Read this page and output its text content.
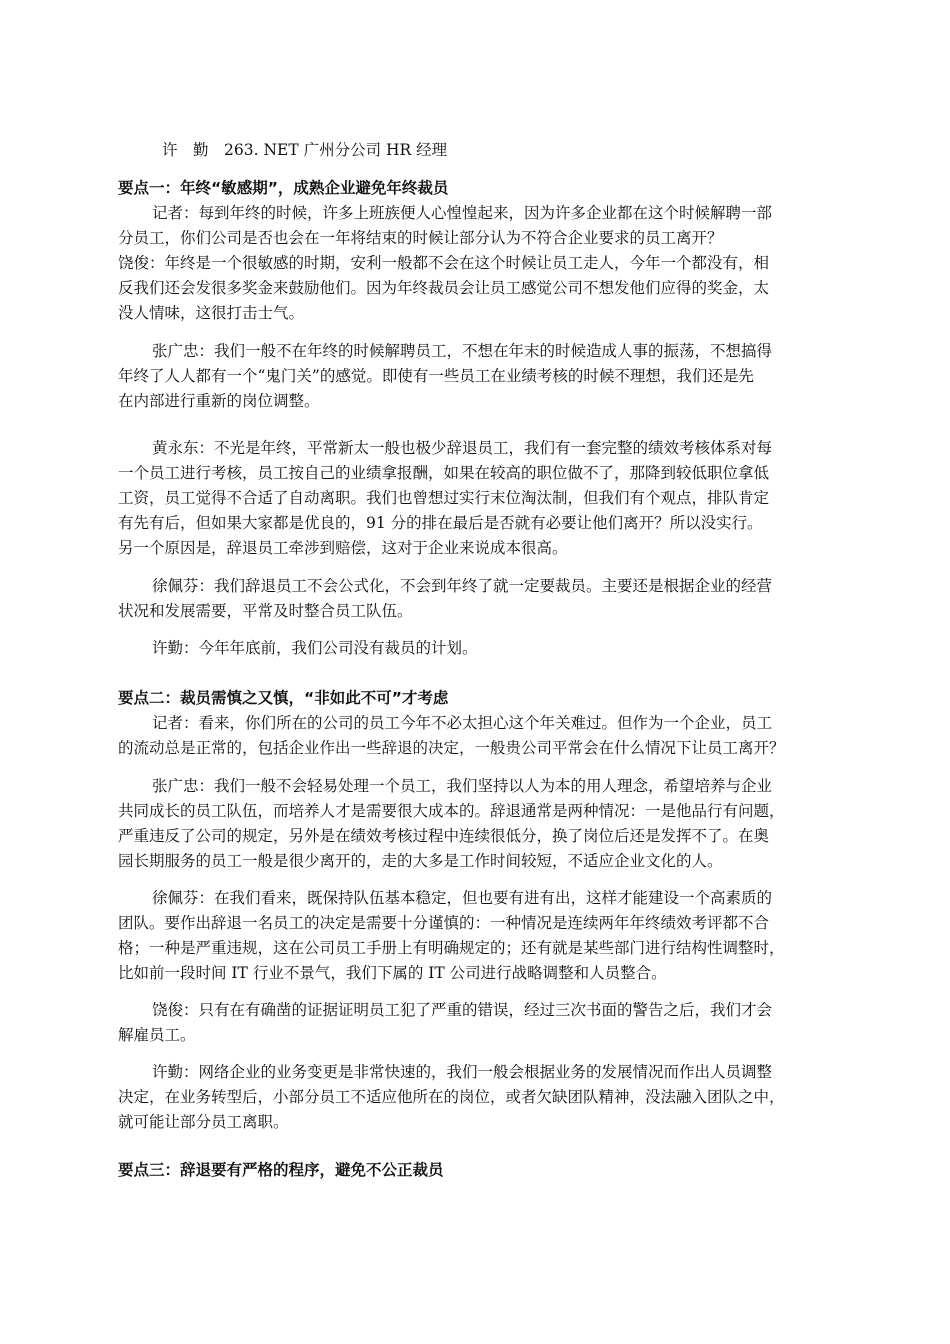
许　勤　263. NET 广州分公司 HR 经理
要点一：年终“敏感期”，成熟企业避免年终裁员
记者：每到年终的时候，许多上班族便人心惶惶起来，因为许多企业都在这个时候解聘一部
分员工，你们公司是否也会在一年将结束的时候让部分认为不符合企业要求的员工离开？
饶俊：年终是一个很敏感的时期，安利一般都不会在这个时候让员工走人，今年一个都没有，相
反我们还会发很多奖金来鼓励他们。因为年终裁员会让员工感觉公司不想发他们应得的奖金，太
没人情味，这很打击士气。
张广忠：我们一般不在年终的时候解聘员工，不想在年末的时候造成人事的振荡，不想搞得
年终了人人都有一个“鬼门关”的感觉。即使有一些员工在业绩考核的时候不理想，我们还是先
在内部进行重新的岗位调整。
黄永东：不光是年终，平常新太一般也极少辞退员工，我们有一套完整的绩效考核体系对每
一个员工进行考核，员工按自己的业绩拿报酬，如果在较高的职位做不了，那降到较低职位拿低
工资，员工觉得不合适了自动离职。我们也曾想过实行末位淘汰制，但我们有个观点，排队肯定
有先有后，但如果大家都是优良的，91 分的排在最后是否就有必要让他们离开？所以没实行。
另一个原因是，辞退员工牵涉到赔偿，这对于企业来说成本很高。
徐佩芬：我们辞退员工不会公式化，不会到年终了就一定要裁员。主要还是根据企业的经营
状况和发展需要，平常及时整合员工队伍。
许勤：今年年底前，我们公司没有裁员的计划。
要点二：裁员需慎之又慎，“非如此不可”才考虑
记者：看来，你们所在的公司的员工今年不必太担心这个年关难过。但作为一个企业，员工
的流动总是正常的，包括企业作出一些辞退的决定，一般贵公司平常会在什么情况下让员工离开？
张广忠：我们一般不会轻易处理一个员工，我们坚持以人为本的用人理念，希望培养与企业
共同成长的员工队伍，而培养人才是需要很大成本的。辞退通常是两种情况：一是他品行有问题，
严重违反了公司的规定，另外是在绩效考核过程中连续很低分，换了岗位后还是发挥不了。在奥
园长期服务的员工一般是很少离开的，走的大多是工作时间较短，不适应企业文化的人。
徐佩芬：在我们看来，既保持队伍基本稳定，但也要有进有出，这样才能建设一个高素质的
团队。要作出辞退一名员工的决定是需要十分谨慎的：一种情况是连续两年年终绩效考评都不合
格；一种是严重违规，这在公司员工手册上有明确规定的；还有就是某些部门进行结构性调整时，
比如前一段时间 IT 行业不景气，我们下属的 IT 公司进行战略调整和人员整合。
饶俊：只有在有确凿的证据证明员工犯了严重的错误，经过三次书面的警告之后，我们才会
解雇员工。
许勤：网络企业的业务变更是非常快速的，我们一般会根据业务的发展情况而作出人员调整
决定，在业务转型后，小部分员工不适应他所在的岗位，或者欠缺团队精神，没法融入团队之中，
就可能让部分员工离职。
要点三：辞退要有严格的程序，避免不公正裁员
